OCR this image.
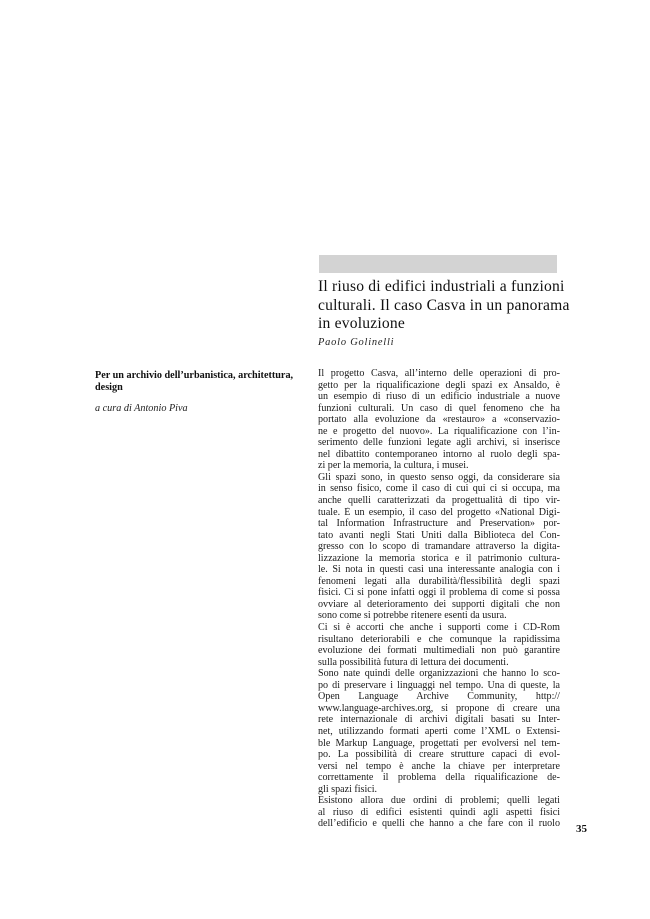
Il riuso di edifici industriali a funzioni culturali. Il caso Casva in un panorama in evoluzione
Paolo Golinelli
Per un archivio dell’urbanistica, architettura, design
a cura di Antonio Piva
Il progetto Casva, all’interno delle operazioni di pro-
getto per la riqualificazione degli spazi ex Ansaldo, è
un esempio di riuso di un edificio industriale a nuove
funzioni culturali. Un caso di quel fenomeno che ha
portato alla evoluzione da «restauro» a «conservazio-
ne e progetto del nuovo». La riqualificazione con l’in-
serimento delle funzioni legate agli archivi, si inserisce
nel dibattito contemporaneo intorno al ruolo degli spa-
zi per la memoria, la cultura, i musei.
Gli spazi sono, in questo senso oggi, da considerare sia
in senso fisico, come il caso di cui qui ci si occupa, ma
anche quelli caratterizzati da progettualità di tipo vir-
tuale. È un esempio, il caso del progetto «National Digi-
tal Information Infrastructure and Preservation» por-
tato avanti negli Stati Uniti dalla Biblioteca del Con-
gresso con lo scopo di tramandare attraverso la digita-
lizzazione la memoria storica e il patrimonio cultura-
le. Si nota in questi casi una interessante analogia con i
fenomeni legati alla durabilità/flessibilità degli spazi
fisici. Ci si pone infatti oggi il problema di come si possa
ovviare al deterioramento dei supporti digitali che non
sono come si potrebbe ritenere esenti da usura.
Ci si è accorti che anche i supporti come i CD-Rom
risultano deteriorabili e che comunque la rapidissima
evoluzione dei formati multimediali non può garantire
sulla possibilità futura di lettura dei documenti.
Sono nate quindi delle organizzazioni che hanno lo sco-
po di preservare i linguaggi nel tempo. Una di queste, la
Open Language Archive Community, http://
www.language-archives.org, si propone di creare una
rete internazionale di archivi digitali basati su Inter-
net, utilizzando formati aperti come l’XML o Extensi-
ble Markup Language, progettati per evolversi nel tem-
po. La possibilità di creare strutture capaci di evol-
versi nel tempo è anche la chiave per interpretare
correttamente il problema della riqualificazione de-
gli spazi fisici.
Esistono allora due ordini di problemi; quelli legati
al riuso di edifici esistenti quindi agli aspetti fisici
dell’edificio e quelli che hanno a che fare con il ruolo 35
